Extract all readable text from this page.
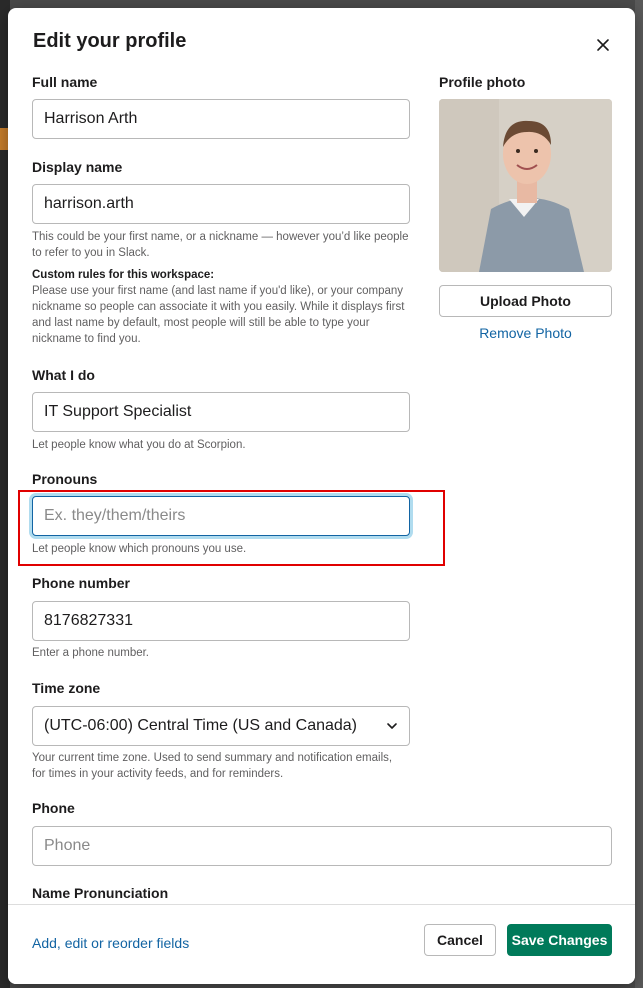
Edit your profile
Full name
Harrison Arth
Display name
harrison.arth
This could be your first name, or a nickname — however you’d like people
to refer to you in Slack.
Custom rules for this workspace:
Please use your first name (and last name if you'd like), or your company
nickname so people can associate it with you easily. While it displays first
and last name by default, most people will still be able to type your
nickname to find you.
What I do
IT Support Specialist
Let people know what you do at Scorpion.
Pronouns
Ex. they/them/theirs
Let people know which pronouns you use.
Phone number
8176827331
Enter a phone number.
Time zone
(UTC-06:00) Central Time (US and Canada)
Your current time zone. Used to send summary and notification emails,
for times in your activity feeds, and for reminders.
Phone
Phone
Name Pronunciation
Profile photo
Upload Photo
Remove Photo
Add, edit or reorder fields	Cancel	Save Changes
